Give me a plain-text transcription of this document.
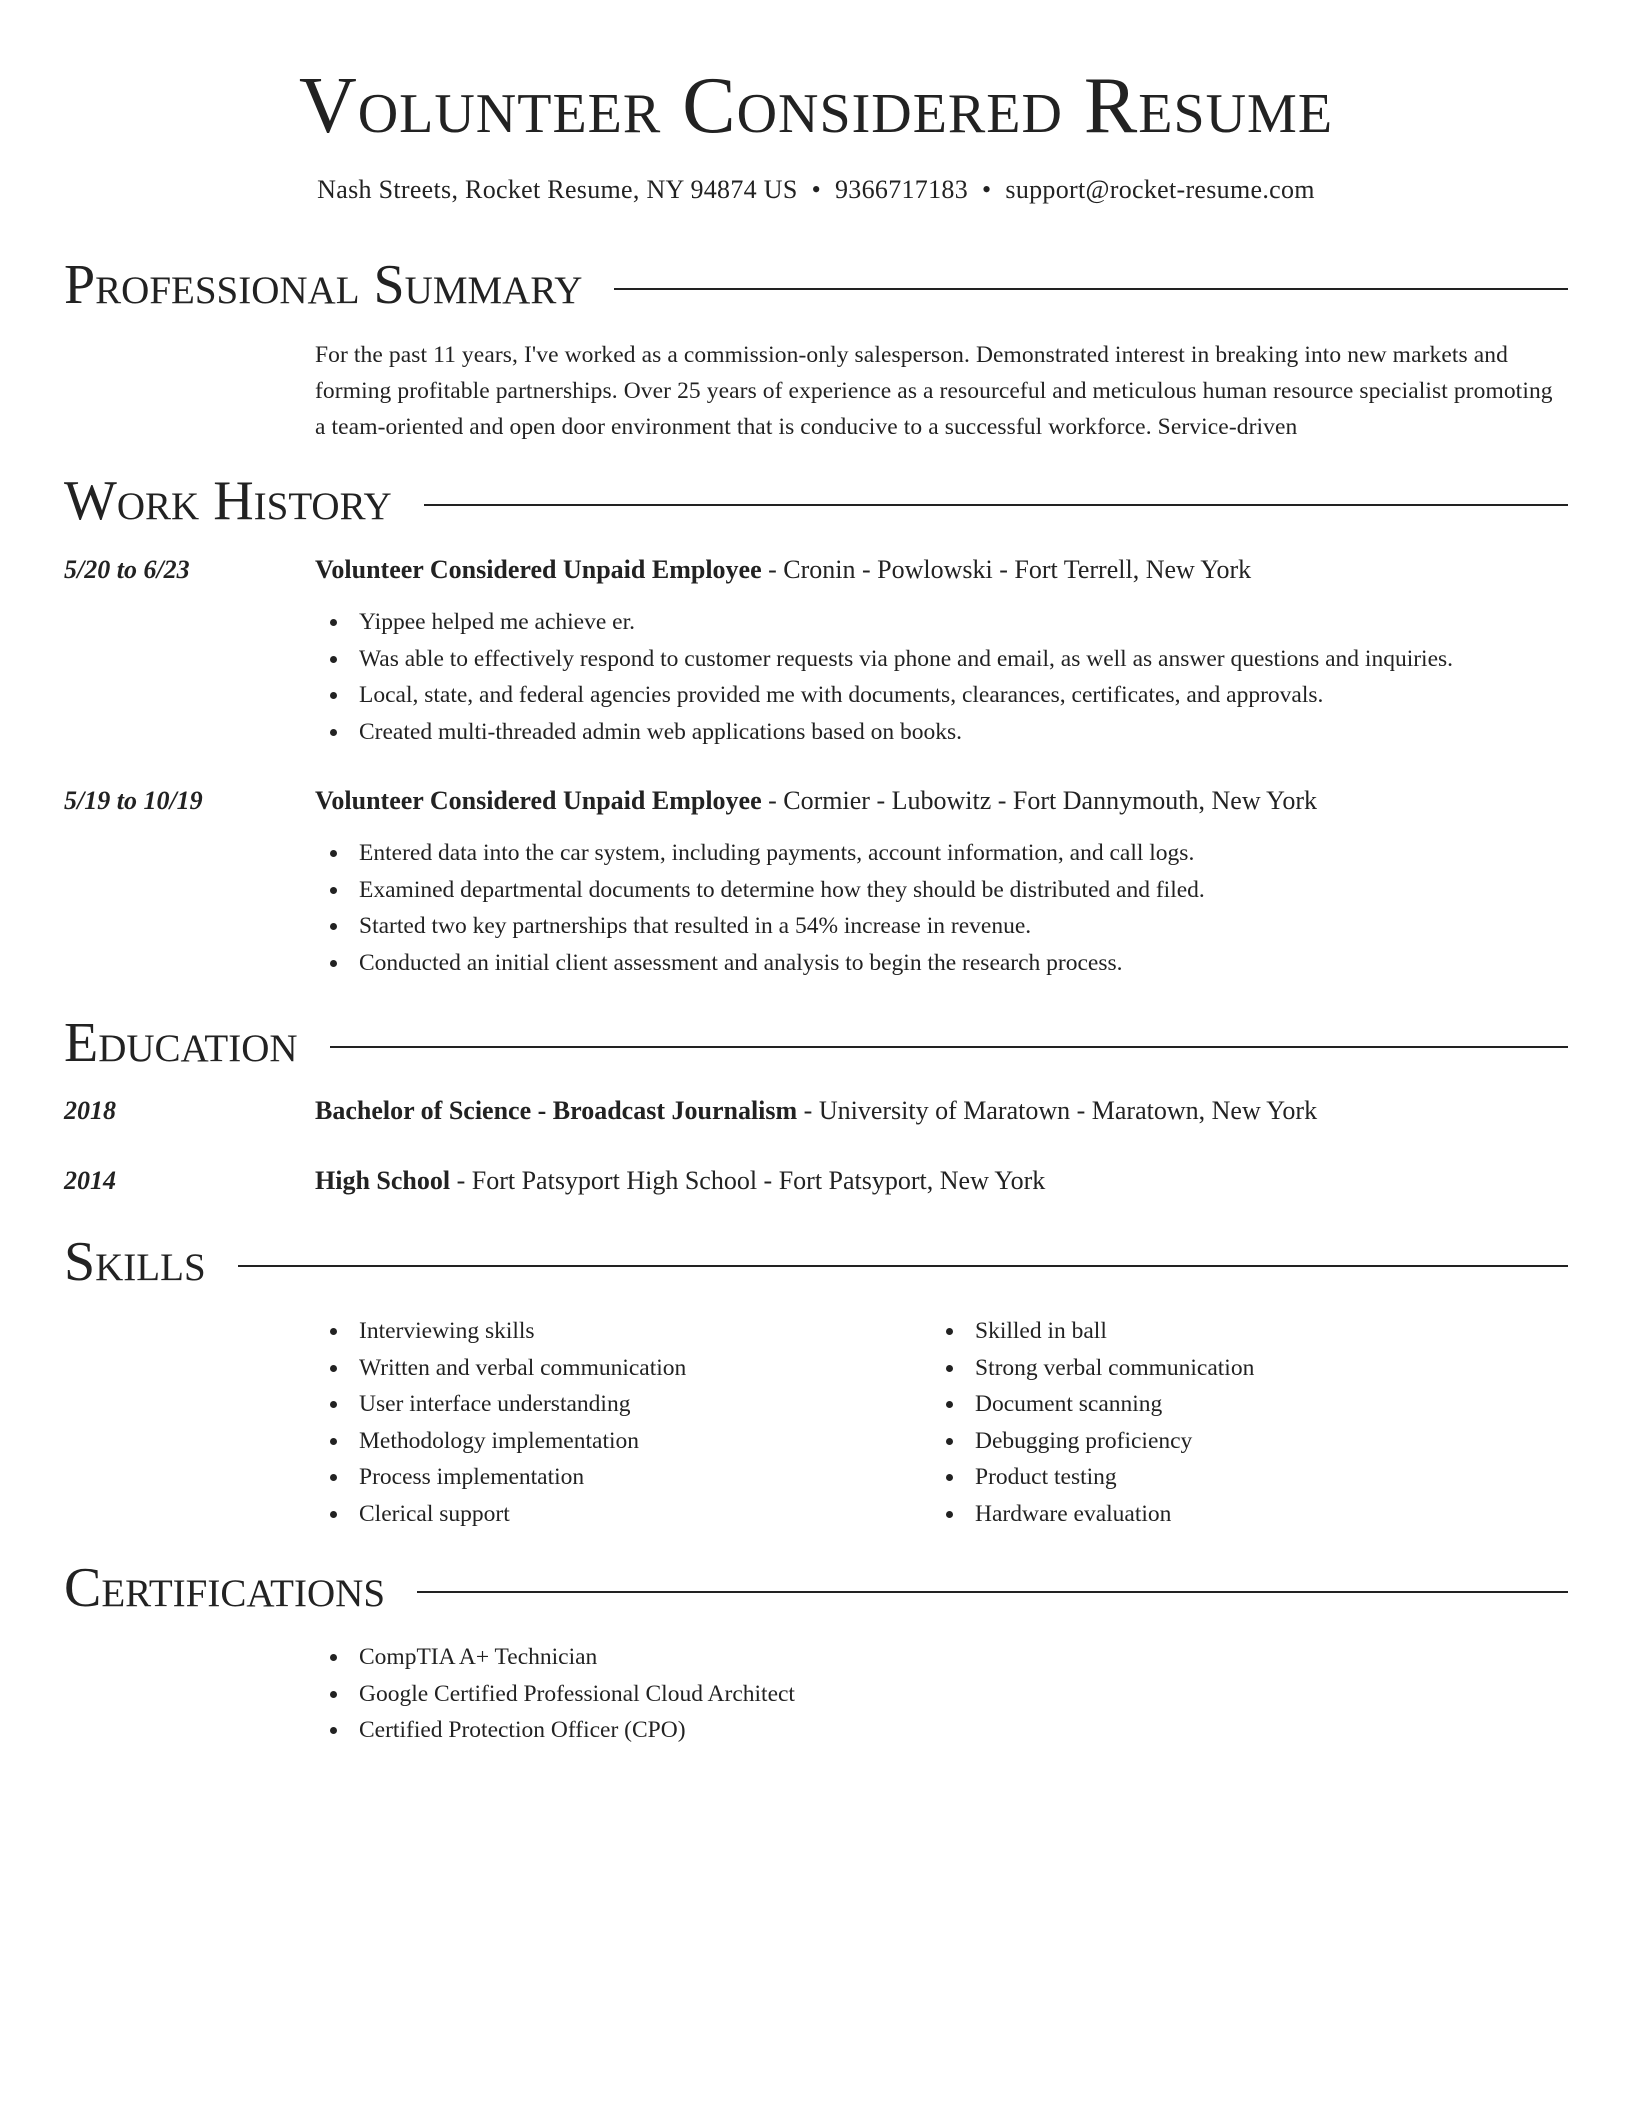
Volunteer Considered Resume
Nash Streets, Rocket Resume, NY 94874 US • 9366717183 • support@rocket-resume.com
Professional Summary
For the past 11 years, I've worked as a commission-only salesperson. Demonstrated interest in breaking into new markets and forming profitable partnerships. Over 25 years of experience as a resourceful and meticulous human resource specialist promoting a team-oriented and open door environment that is conducive to a successful workforce. Service-driven
Work History
5/20 to 6/23	Volunteer Considered Unpaid Employee - Cronin - Powlowski - Fort Terrell, New York
Yippee helped me achieve er.
Was able to effectively respond to customer requests via phone and email, as well as answer questions and inquiries.
Local, state, and federal agencies provided me with documents, clearances, certificates, and approvals.
Created multi-threaded admin web applications based on books.
5/19 to 10/19	Volunteer Considered Unpaid Employee - Cormier - Lubowitz - Fort Dannymouth, New York
Entered data into the car system, including payments, account information, and call logs.
Examined departmental documents to determine how they should be distributed and filed.
Started two key partnerships that resulted in a 54% increase in revenue.
Conducted an initial client assessment and analysis to begin the research process.
Education
2018	Bachelor of Science - Broadcast Journalism - University of Maratown - Maratown, New York
2014	High School - Fort Patsyport High School - Fort Patsyport, New York
Skills
Interviewing skills
Written and verbal communication
User interface understanding
Methodology implementation
Process implementation
Clerical support
Skilled in ball
Strong verbal communication
Document scanning
Debugging proficiency
Product testing
Hardware evaluation
Certifications
CompTIA A+ Technician
Google Certified Professional Cloud Architect
Certified Protection Officer (CPO)
